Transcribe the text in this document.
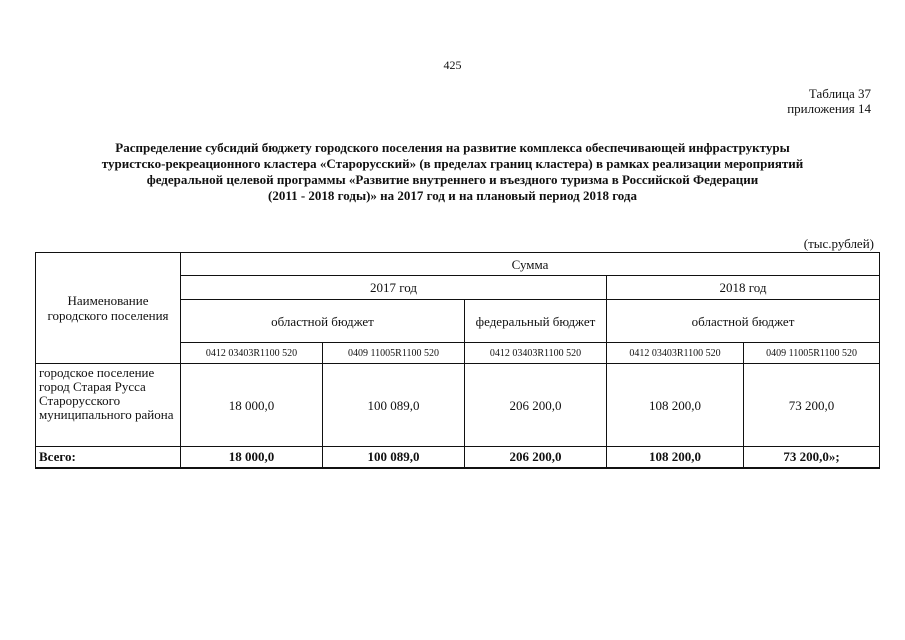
425
Таблица 37
приложения 14
Распределение субсидий бюджету городского поселения на развитие комплекса обеспечивающей инфраструктуры
туристско-рекреационного кластера «Старорусский» (в пределах границ кластера) в рамках реализации мероприятий
федеральной целевой программы «Развитие внутреннего и въездного туризма в Российской Федерации
(2011 - 2018 годы)» на 2017 год и на плановый период 2018 года
(тыс.рублей)
Наименование городского поселения	Сумма				
	2017 год			2018 год	
	областной бюджет		федеральный бюджет	областной бюджет	
	0412 03403R1100 520	0409 11005R1100 520	0412 03403R1100 520	0412 03403R1100 520	0409 11005R1100 520
городское поселение город Старая Русса Старорусского муниципального района	18 000,0	100 089,0	206 200,0	108 200,0	73 200,0
Всего:	18 000,0	100 089,0	206 200,0	108 200,0	73 200,0»;
